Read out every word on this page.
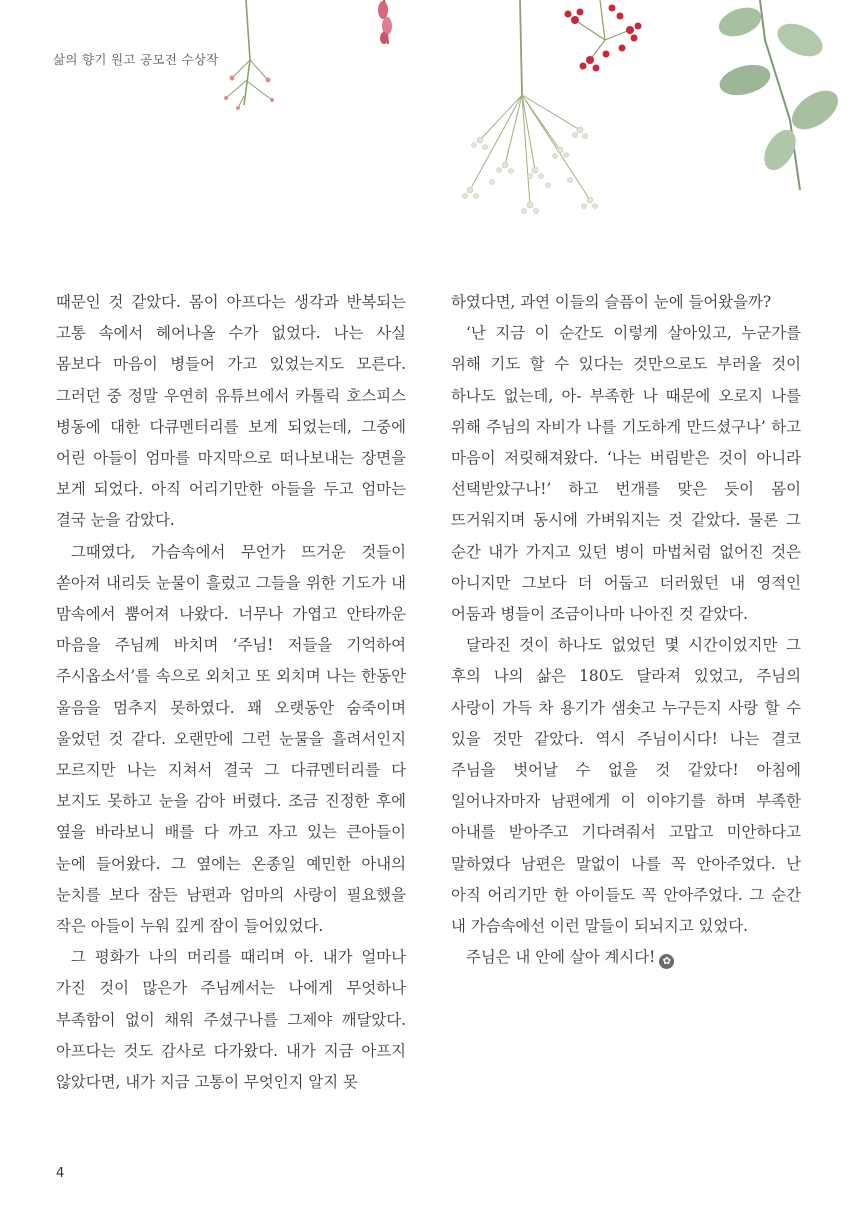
삶의 향기 원고 공모전 수상작

때문인 것 같았다. 몸이 아프다는 생각과 반복되는 고통 속에서 헤어나올 수가 없었다. 나는 사실 몸보다 마음이 병들어 가고 있었는지도 모른다. 그러던 중 정말 우연히 유튜브에서 카톨릭 호스피스 병동에 대한 다큐멘터리를 보게 되었는데, 그중에 어린 아들이 엄마를 마지막으로 떠나보내는 장면을 보게 되었다. 아직 어리기만한 아들을 두고 엄마는 결국 눈을 감았다.

그때였다, 가슴속에서 무언가 뜨거운 것들이 쏟아져 내리듯 눈물이 흘렀고 그들을 위한 기도가 내 맘속에서 뿜어져 나왔다. 너무나 가엽고 안타까운 마음을 주님께 바치며 ‘주님! 저들을 기억하여 주시옵소서’를 속으로 외치고 또 외치며 나는 한동안 울음을 멈추지 못하였다. 꽤 오랫동안 숨죽이며 울었던 것 같다. 오랜만에 그런 눈물을 흘려서인지 모르지만 나는 지쳐서 결국 그 다큐멘터리를 다 보지도 못하고 눈을 감아 버렸다. 조금 진정한 후에 옆을 바라보니 배를 다 까고 자고 있는 큰아들이 눈에 들어왔다. 그 옆에는 온종일 예민한 아내의 눈치를 보다 잠든 남편과 엄마의 사랑이 필요했을 작은 아들이 누워 깊게 잠이 들어있었다.

그 평화가 나의 머리를 때리며 아. 내가 얼마나 가진 것이 많은가 주님께서는 나에게 무엇하나 부족함이 없이 채워 주셨구나를 그제야 깨달았다. 아프다는 것도 감사로 다가왔다. 내가 지금 아프지 않았다면, 내가 지금 고통이 무엇인지 알지 못

하였다면, 과연 이들의 슬픔이 눈에 들어왔을까?

‘난 지금 이 순간도 이렇게 살아있고, 누군가를 위해 기도 할 수 있다는 것만으로도 부러울 것이 하나도 없는데, 아- 부족한 나 때문에 오로지 나를 위해 주님의 자비가 나를 기도하게 만드셨구나’ 하고 마음이 저릿해져왔다. ‘나는 버림받은 것이 아니라 선택받았구나!’ 하고 번개를 맞은 듯이 몸이 뜨거워지며 동시에 가벼워지는 것 같았다. 물론 그 순간 내가 가지고 있던 병이 마법처럼 없어진 것은 아니지만 그보다 더 어둡고 더러웠던 내 영적인 어둠과 병들이 조금이나마 나아진 것 같았다.

달라진 것이 하나도 없었던 몇 시간이었지만 그 후의 나의 삶은 180도 달라져 있었고, 주님의 사랑이 가득 차 용기가 샘솟고 누구든지 사랑 할 수 있을 것만 같았다. 역시 주님이시다! 나는 결코 주님을 벗어날 수 없을 것 같았다! 아침에 일어나자마자 남편에게 이 이야기를 하며 부족한 아내를 받아주고 기다려줘서 고맙고 미안하다고 말하였다 남편은 말없이 나를 꼭 안아주었다. 난 아직 어리기만 한 아이들도 꼭 안아주었다. 그 순간 내 가슴속에선 이런 말들이 되뇌지고 있었다.

주님은 내 안에 살아 계시다! ✿

4
